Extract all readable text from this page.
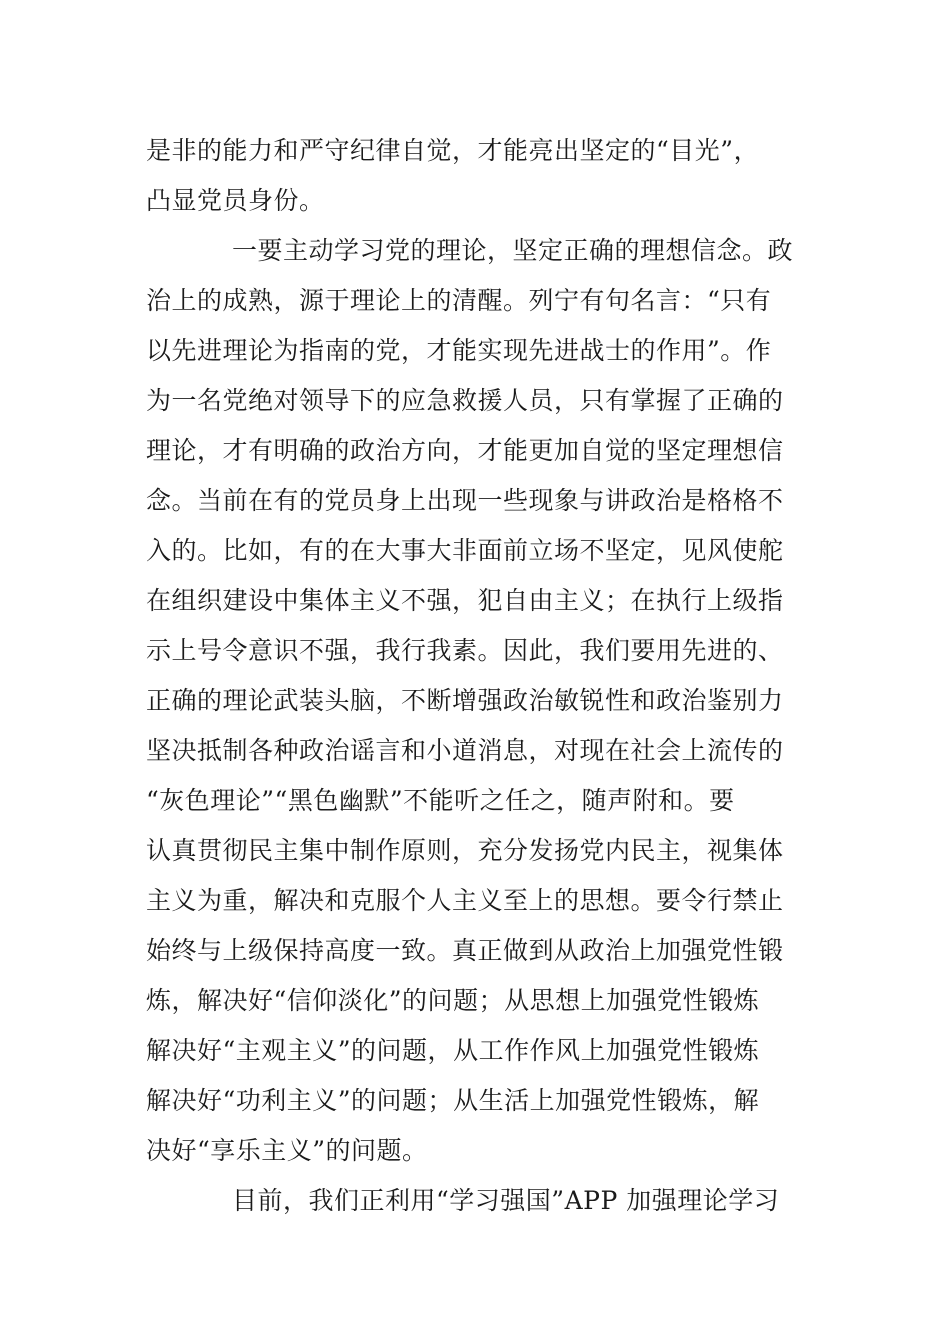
是非的能力和严守纪律自觉，才能亮出坚定的“目光”，
凸显党员身份。
一要主动学习党的理论，坚定正确的理想信念。政
治上的成熟，源于理论上的清醒。列宁有句名言：“只有
以先进理论为指南的党，才能实现先进战士的作用”。作
为一名党绝对领导下的应急救援人员，只有掌握了正确的
理论，才有明确的政治方向，才能更加自觉的坚定理想信
念。当前在有的党员身上出现一些现象与讲政治是格格不
入的。比如，有的在大事大非面前立场不坚定，见风使舵
在组织建设中集体主义不强，犯自由主义；在执行上级指
示上号令意识不强，我行我素。因此，我们要用先进的、
正确的理论武装头脑，不断增强政治敏锐性和政治鉴别力
坚决抵制各种政治谣言和小道消息，对现在社会上流传的
“灰色理论”“黑色幽默”不能听之任之，随声附和。要
认真贯彻民主集中制作原则，充分发扬党内民主，视集体
主义为重，解决和克服个人主义至上的思想。要令行禁止
始终与上级保持高度一致。真正做到从政治上加强党性锻
炼，解决好“信仰淡化”的问题；从思想上加强党性锻炼
解决好“主观主义”的问题，从工作作风上加强党性锻炼
解决好“功利主义”的问题；从生活上加强党性锻炼，解
决好“享乐主义”的问题。
目前，我们正利用“学习强国”APP 加强理论学习
